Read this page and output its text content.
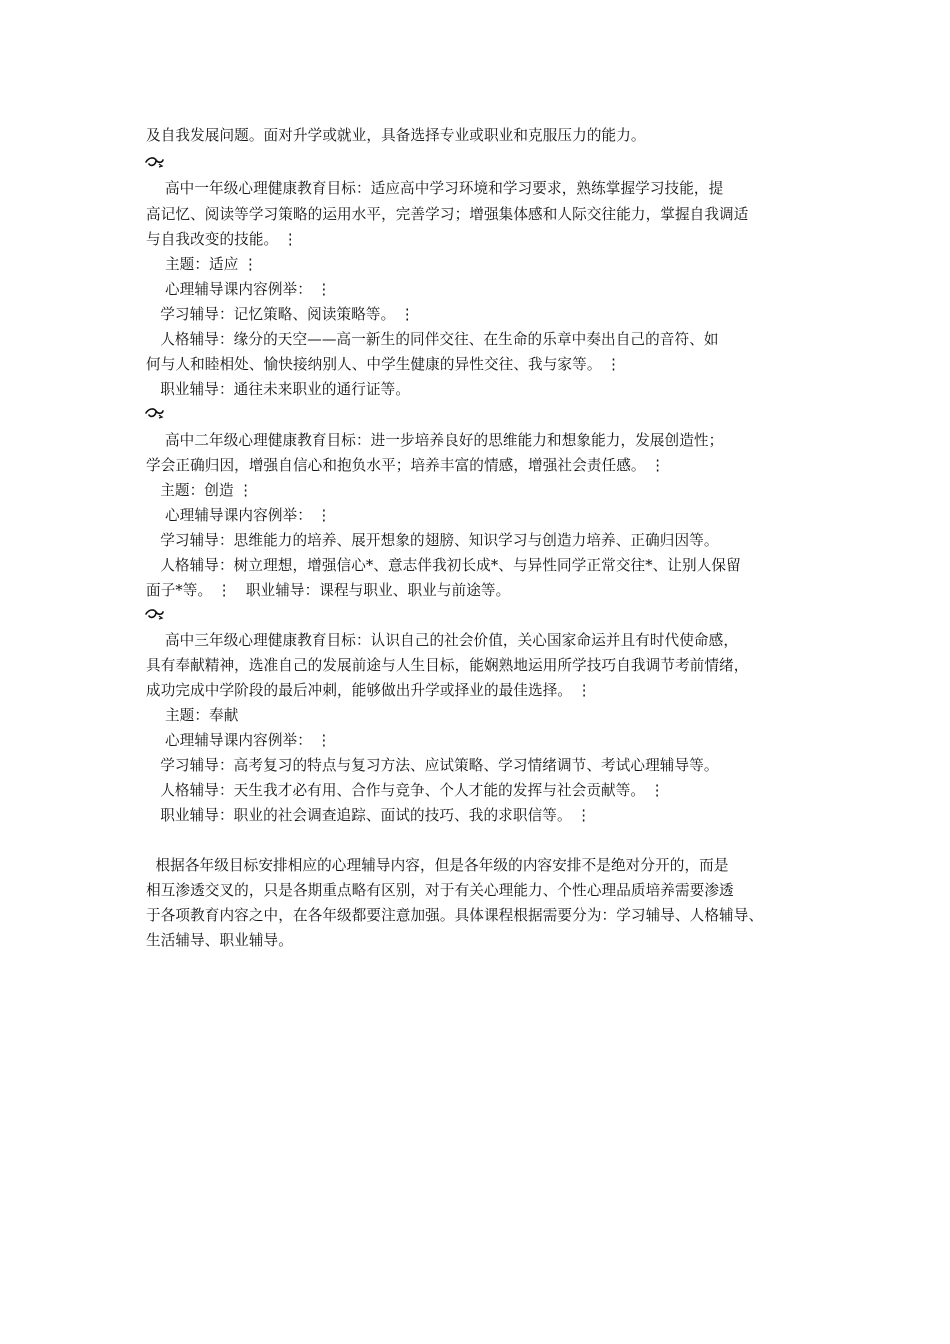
及自我发展问题。面对升学或就业，具备选择专业或职业和克服压力的能力。

高中一年级心理健康教育目标：适应高中学习环境和学习要求，熟练掌握学习技能，提

高记忆、阅读等学习策略的运用水平，完善学习；增强集体感和人际交往能力，掌握自我调适

与自我改变的技能。 ⋮

主题：适应 ⋮

心理辅导课内容例举： ⋮

学习辅导：记忆策略、阅读策略等。 ⋮

人格辅导：缘分的天空——高一新生的同伴交往、在生命的乐章中奏出自己的音符、如

何与人和睦相处、愉快接纳别人、中学生健康的异性交往、我与家等。 ⋮

职业辅导：通往未来职业的通行证等。

高中二年级心理健康教育目标：进一步培养良好的思维能力和想象能力，发展创造性；

学会正确归因，增强自信心和抱负水平；培养丰富的情感，增强社会责任感。 ⋮

主题：创造 ⋮

心理辅导课内容例举： ⋮

学习辅导：思维能力的培养、展开想象的翅膀、知识学习与创造力培养、正确归因等。

人格辅导：树立理想，增强信心*、意志伴我初长成*、与异性同学正常交往*、让别人保留

面子*等。 ⋮   职业辅导：课程与职业、职业与前途等。

高中三年级心理健康教育目标：认识自己的社会价值，关心国家命运并且有时代使命感，

具有奉献精神，选准自己的发展前途与人生目标，能娴熟地运用所学技巧自我调节考前情绪，

成功完成中学阶段的最后冲刺，能够做出升学或择业的最佳选择。 ⋮

主题：奉献

心理辅导课内容例举： ⋮

学习辅导：高考复习的特点与复习方法、应试策略、学习情绪调节、考试心理辅导等。

人格辅导：天生我才必有用、合作与竞争、个人才能的发挥与社会贡献等。 ⋮

职业辅导：职业的社会调查追踪、面试的技巧、我的求职信等。 ⋮

根据各年级目标安排相应的心理辅导内容，但是各年级的内容安排不是绝对分开的，而是

相互渗透交叉的，只是各期重点略有区别，对于有关心理能力、个性心理品质培养需要渗透

于各项教育内容之中，在各年级都要注意加强。具体课程根据需要分为：学习辅导、人格辅导、

生活辅导、职业辅导。
